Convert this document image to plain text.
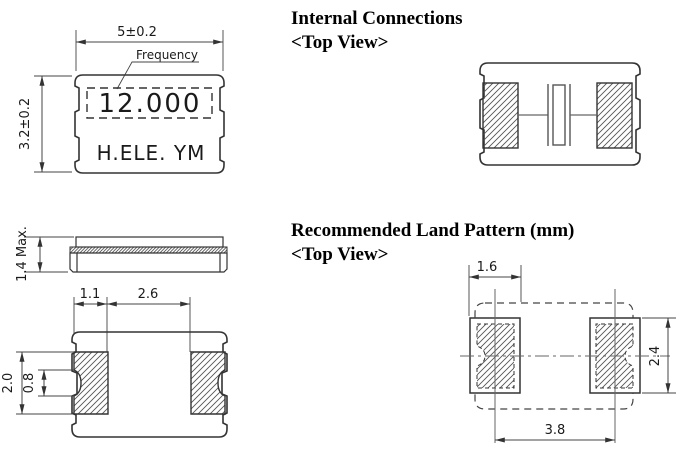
Internal Connections
<Top View>
Recommended Land Pattern (mm)
<Top View>
5±0.2
3.2±0.2
Frequency
12.000
H.ELE. YM
1.4 Max.
1.1	2.6
2.0 0.8
1.6
2.4
3.8
